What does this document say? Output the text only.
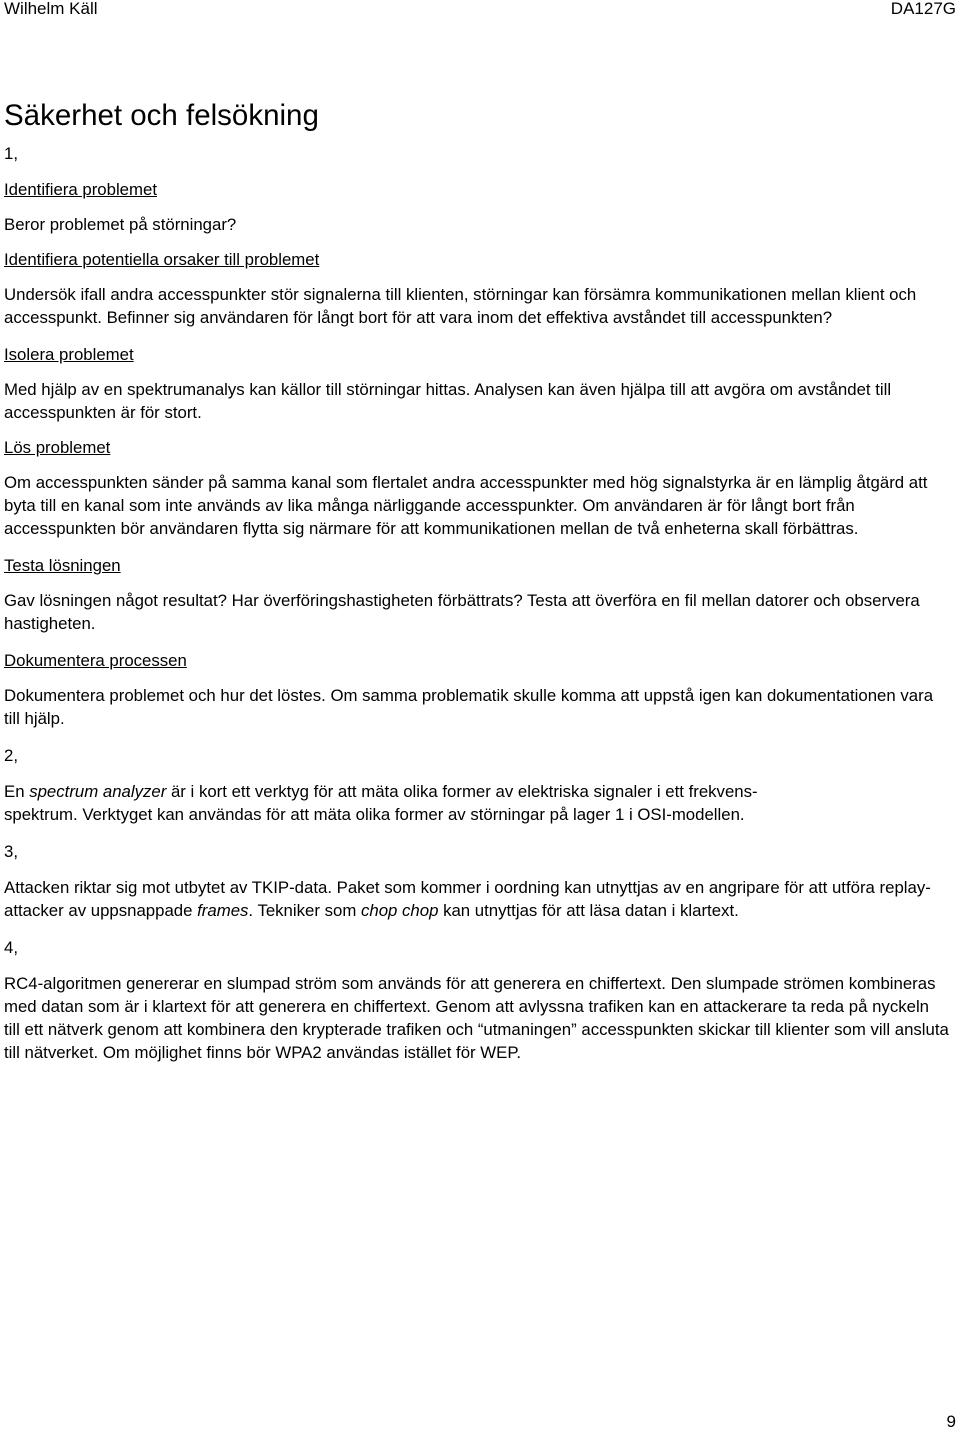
Wilhelm Käll	DA127G
Säkerhet och felsökning
1,
Identifiera problemet
Beror problemet på störningar?
Identifiera potentiella orsaker till problemet
Undersök ifall andra accesspunkter stör signalerna till klienten, störningar kan försämra kommunikationen mellan klient och accesspunkt. Befinner sig användaren för långt bort för att vara inom det effektiva avståndet till accesspunkten?
Isolera problemet
Med hjälp av en spektrumanalys kan källor till störningar hittas. Analysen kan även hjälpa till att avgöra om avståndet till accesspunkten är för stort.
Lös problemet
Om accesspunkten sänder på samma kanal som flertalet andra accesspunkter med hög signalstyrka är en lämplig åtgärd att byta till en kanal som inte används av lika många närliggande accesspunkter. Om användaren är för långt bort från accesspunkten bör användaren flytta sig närmare för att kommunikationen mellan de två enheterna skall förbättras.
Testa lösningen
Gav lösningen något resultat? Har överföringshastigheten förbättrats? Testa att överföra en fil mellan datorer och observera hastigheten.
Dokumentera processen
Dokumentera problemet och hur det löstes. Om samma problematik skulle komma att uppstå igen kan dokumentationen vara till hjälp.
2,
En spectrum analyzer är i kort ett verktyg för att mäta olika former av elektriska signaler i ett frekvens-
spektrum. Verktyget kan användas för att mäta olika former av störningar på lager 1 i OSI-modellen.
3,
Attacken riktar sig mot utbytet av TKIP-data. Paket som kommer i oordning kan utnyttjas av en angripare för att utföra replay-attacker av uppsnappade frames. Tekniker som chop chop kan utnyttjas för att läsa datan i klartext.
4,
RC4-algoritmen genererar en slumpad ström som används för att generera en chiffertext. Den slumpade strömen kombineras med datan som är i klartext för att generera en chiffertext. Genom att avlyssna trafiken kan en attackerare ta reda på nyckeln till ett nätverk genom att kombinera den krypterade trafiken och “utmaningen” accesspunkten skickar till klienter som vill ansluta till nätverket. Om möjlighet finns bör WPA2 användas istället för WEP.
9
